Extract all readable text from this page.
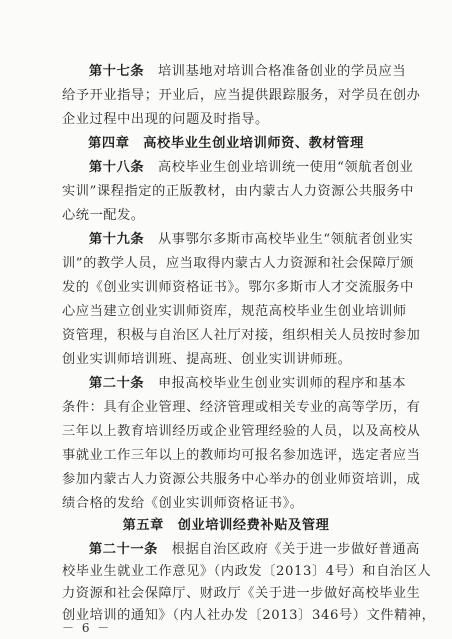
第十七条　培训基地对培训合格准备创业的学员应当
给予开业指导；开业后，应当提供跟踪服务，对学员在创办
企业过程中出现的问题及时指导。
第四章　高校毕业生创业培训师资、教材管理
第十八条　高校毕业生创业培训统一使用“领航者创业
实训”课程指定的正版教材，由内蒙古人力资源公共服务中
心统一配发。
第十九条　从事鄂尔多斯市高校毕业生“领航者创业实
训”的教学人员，应当取得内蒙古人力资源和社会保障厅颁
发的《创业实训师资格证书》。鄂尔多斯市人才交流服务中
心应当建立创业实训师资库，规范高校毕业生创业培训师
资管理，积极与自治区人社厅对接，组织相关人员按时参加
创业实训师培训班、提高班、创业实训讲师班。
第二十条　申报高校毕业生创业实训师的程序和基本
条件：具有企业管理、经济管理或相关专业的高等学历，有
三年以上教育培训经历或企业管理经验的人员，以及高校从
事就业工作三年以上的教师均可报名参加选评，选定者应当
参加内蒙古人力资源公共服务中心举办的创业师资培训，成
绩合格的发给《创业实训师资格证书》。
第五章　创业培训经费补贴及管理
第二十一条　根据自治区政府《关于进一步做好普通高
校毕业生就业工作意见》（内政发〔2013〕4号）和自治区人
力资源和社会保障厅、财政厅《关于进一步做好高校毕业生
创业培训的通知》（内人社办发〔2013〕346号）文件精神，
－ 6 －
